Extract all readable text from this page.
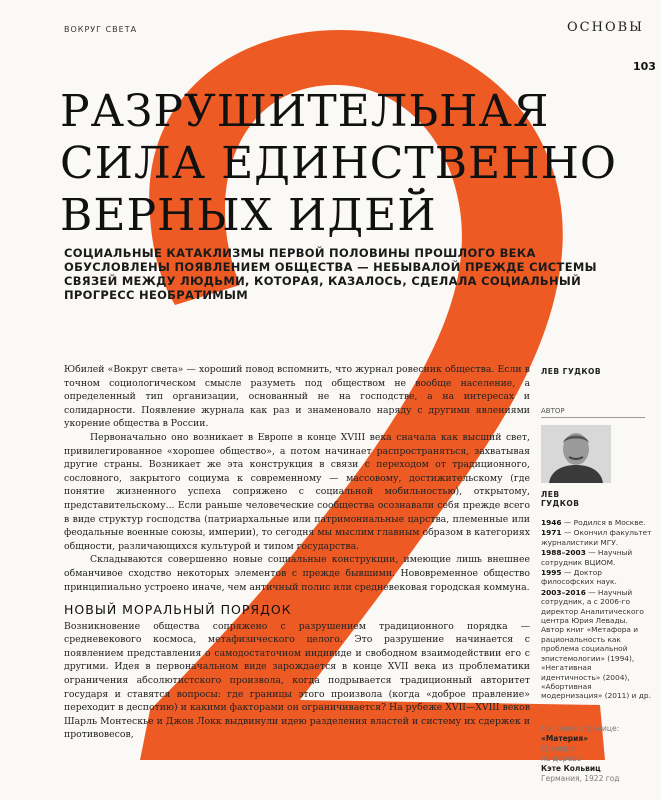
ВОКРУГ СВЕТА	ОСНОВЫ
103
РАЗРУШИТЕЛЬНАЯ
СИЛА ЕДИНСТВЕННО
ВЕРНЫХ ИДЕЙ
СОЦИАЛЬНЫЕ КАТАКЛИЗМЫ ПЕРВОЙ ПОЛОВИНЫ ПРОШЛОГО ВЕКА
ОБУСЛОВЛЕНЫ ПОЯВЛЕНИЕМ ОБЩЕСТВА — НЕБЫВАЛОЙ ПРЕЖДЕ СИСТЕМЫ
СВЯЗЕЙ МЕЖДУ ЛЮДЬМИ, КОТОРАЯ, КАЗАЛОСЬ, СДЕЛАЛА СОЦИАЛЬНЫЙ
ПРОГРЕСС НЕОБРАТИМЫМ

Юбилей «Вокруг света» — хороший повод вспомнить, что журнал ровесник общества. Если в точном социологическом смысле разуметь под обществом не вообще население, а определенный тип организации, основанный не на господстве, а на интересах и солидарности. Появление журнала как раз и знаменовало наряду с другими явлениями укорение общества в России.

Первоначально оно возникает в Европе в конце XVIII века сначала как высший свет, привилегированное «хорошее общество», а потом начинает распространяться, захватывая другие страны. Возникает же эта конструкция в связи с переходом от традиционного, сословного, закрытого социума к современному — массовому, достижительскому (где понятие жизненного успеха сопряжено с социальной мобильностью), открытому, представительскому... Если раньше человеческие сообщества осознавали себя прежде всего в виде структур господства (патриархальные или патримониальные царства, племенные или феодальные военные союзы, империи), то сегодня мы мыслим главным образом в категориях общности, различающихся культурой и типом государства.

Складываются совершенно новые социальные конструкции, имеющие лишь внешнее обманчивое сходство некоторых элементов с прежде бывшими. Нововременное общество принципиально устроено иначе, чем античный полис или средневековая городская коммуна.

НОВЫЙ МОРАЛЬНЫЙ ПОРЯДОК

Возникновение общества сопряжено с разрушением традиционного порядка — средневекового космоса, метафизического целого. Это разрушение начинается с появлением представления о самодостаточном индивиде и свободном взаимодействии его с другими. Идея в первоначальном виде зарождается в конце XVII века из проблематики ограничения абсолютистского произвола, когда подрывается традиционный авторитет государя и ставятся вопросы: где границы этого произвола (когда «доброе правление» переходит в деспотию) и какими факторами он ограничивается? На рубеже XVII—XVIII веков Шарль Монтескье и Джон Локк выдвинули идею разделения властей и систему их сдержек и противовесов,

ЛЕВ ГУДКОВ
АВТОР
ЛЕВ
ГУДКОВ
1946 — Родился в Москве.
1971 — Окончил факультет журналистики МГУ.
1988–2003 — Научный сотрудник ВЦИОМ.
1995 — Доктор философских наук.
2003–2016 — Научный сотрудник, а с 2006-го директор Аналитического центра Юрия Левады. Автор книг «Метафора и рациональность как проблема социальной эпистемологии» (1994), «Негативная идентичность» (2004), «Абортивная модернизация» (2011) и др.
На левой странице:
«Материя»
Гравюра
на дереве
Кэте Кольвиц
Германия, 1922 год
